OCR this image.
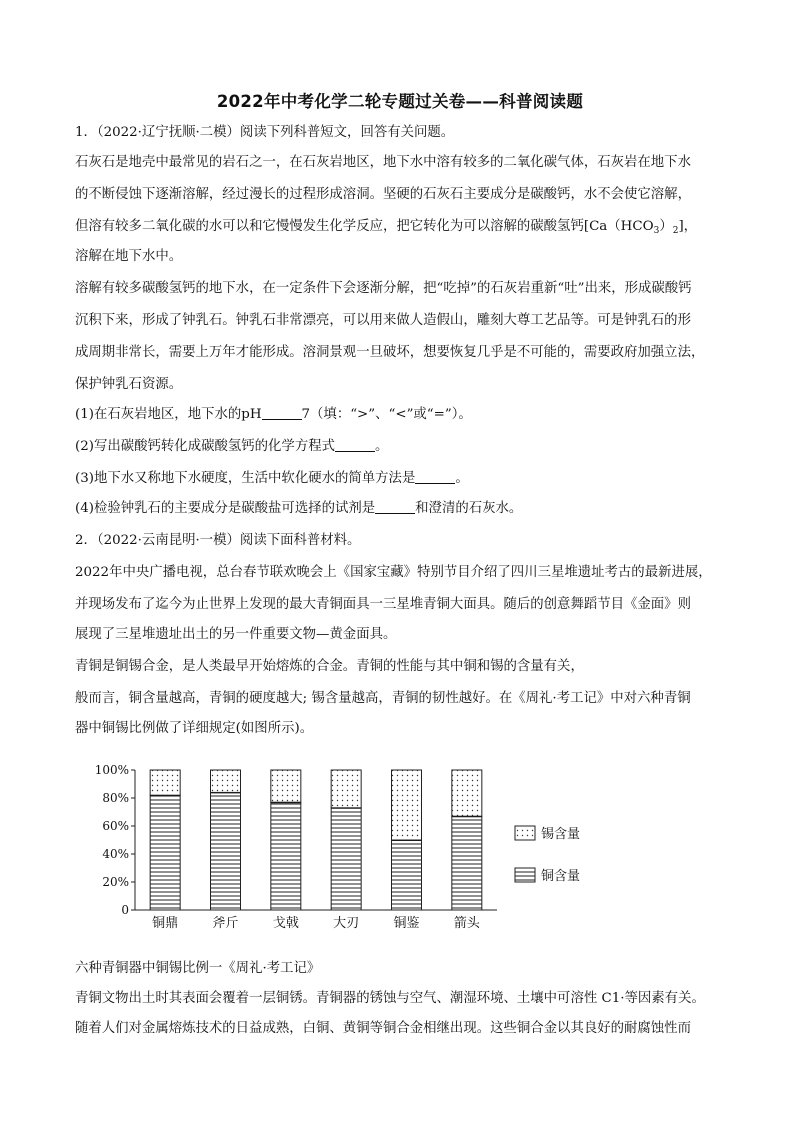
2022年中考化学二轮专题过关卷——科普阅读题
1．（2022·辽宁抚顺·二模）阅读下列科普短文，回答有关问题。
石灰石是地壳中最常见的岩石之一，在石灰岩地区，地下水中溶有较多的二氧化碳气体，石灰岩在地下水
的不断侵蚀下逐渐溶解，经过漫长的过程形成溶洞。坚硬的石灰石主要成分是碳酸钙，水不会使它溶解，
但溶有较多二氧化碳的水可以和它慢慢发生化学反应，把它转化为可以溶解的碳酸氢钙$[Ca(HCO_3)_2]$，
溶解在地下水中。
溶解有较多碳酸氢钙的地下水，在一定条件下会逐渐分解，把“吃掉”的石灰岩重新“吐”出来，形成碳酸钙
沉积下来，形成了钟乳石。钟乳石非常漂亮，可以用来做人造假山，雕刻大尊工艺品等。可是钟乳石的形
成周期非常长，需要上万年才能形成。溶洞景观一旦破坏，想要恢复几乎是不可能的，需要政府加强立法，
保护钟乳石资源。
(1)在石灰岩地区，地下水的pH	7（填：“>”、“<”或“=”）。
(2)写出碳酸钙转化成碳酸氢钙的化学方程式	。
(3)地下水又称地下水硬度，生活中软化硬水的简单方法是	。
(4)检验钟乳石的主要成分是碳酸盐可选择的试剂是	和澄清的石灰水。
2．（2022·云南昆明·一模）阅读下面科普材料。
2022年中央广播电视，总台春节联欢晚会上《国家宝藏》特别节目介绍了四川三星堆遗址考古的最新进展，
并现场发布了迄今为止世界上发现的最大青铜面具一三星堆青铜大面具。随后的创意舞蹈节目《金面》则
展现了三星堆遗址出土的另一件重要文物—黄金面具。
青铜是铜锡合金，是人类最早开始熔炼的合金。青铜的性能与其中铜和锡的含量有关，
般而言，铜含量越高，青铜的硬度越大; 锡含量越高，青铜的韧性越好。在《周礼·考工记》中对六种青铜
器中铜锡比例做了详细规定(如图所示)。
六种青铜器中铜锡比例一《周礼·考工记》
青铜文物出土时其表面会覆着一层铜锈。青铜器的锈蚀与空气、潮湿环境、土壤中可溶性 C1·等因素有关。
随着人们对金属熔炼技术的日益成熟，白铜、黄铜等铜合金相继出现。这些铜合金以其良好的耐腐蚀性而
0
20%
40%
60%
80%
100%
铜鼎	斧斤	戈戟	大刃	铜鉴	箭头
锡含量
铜含量
